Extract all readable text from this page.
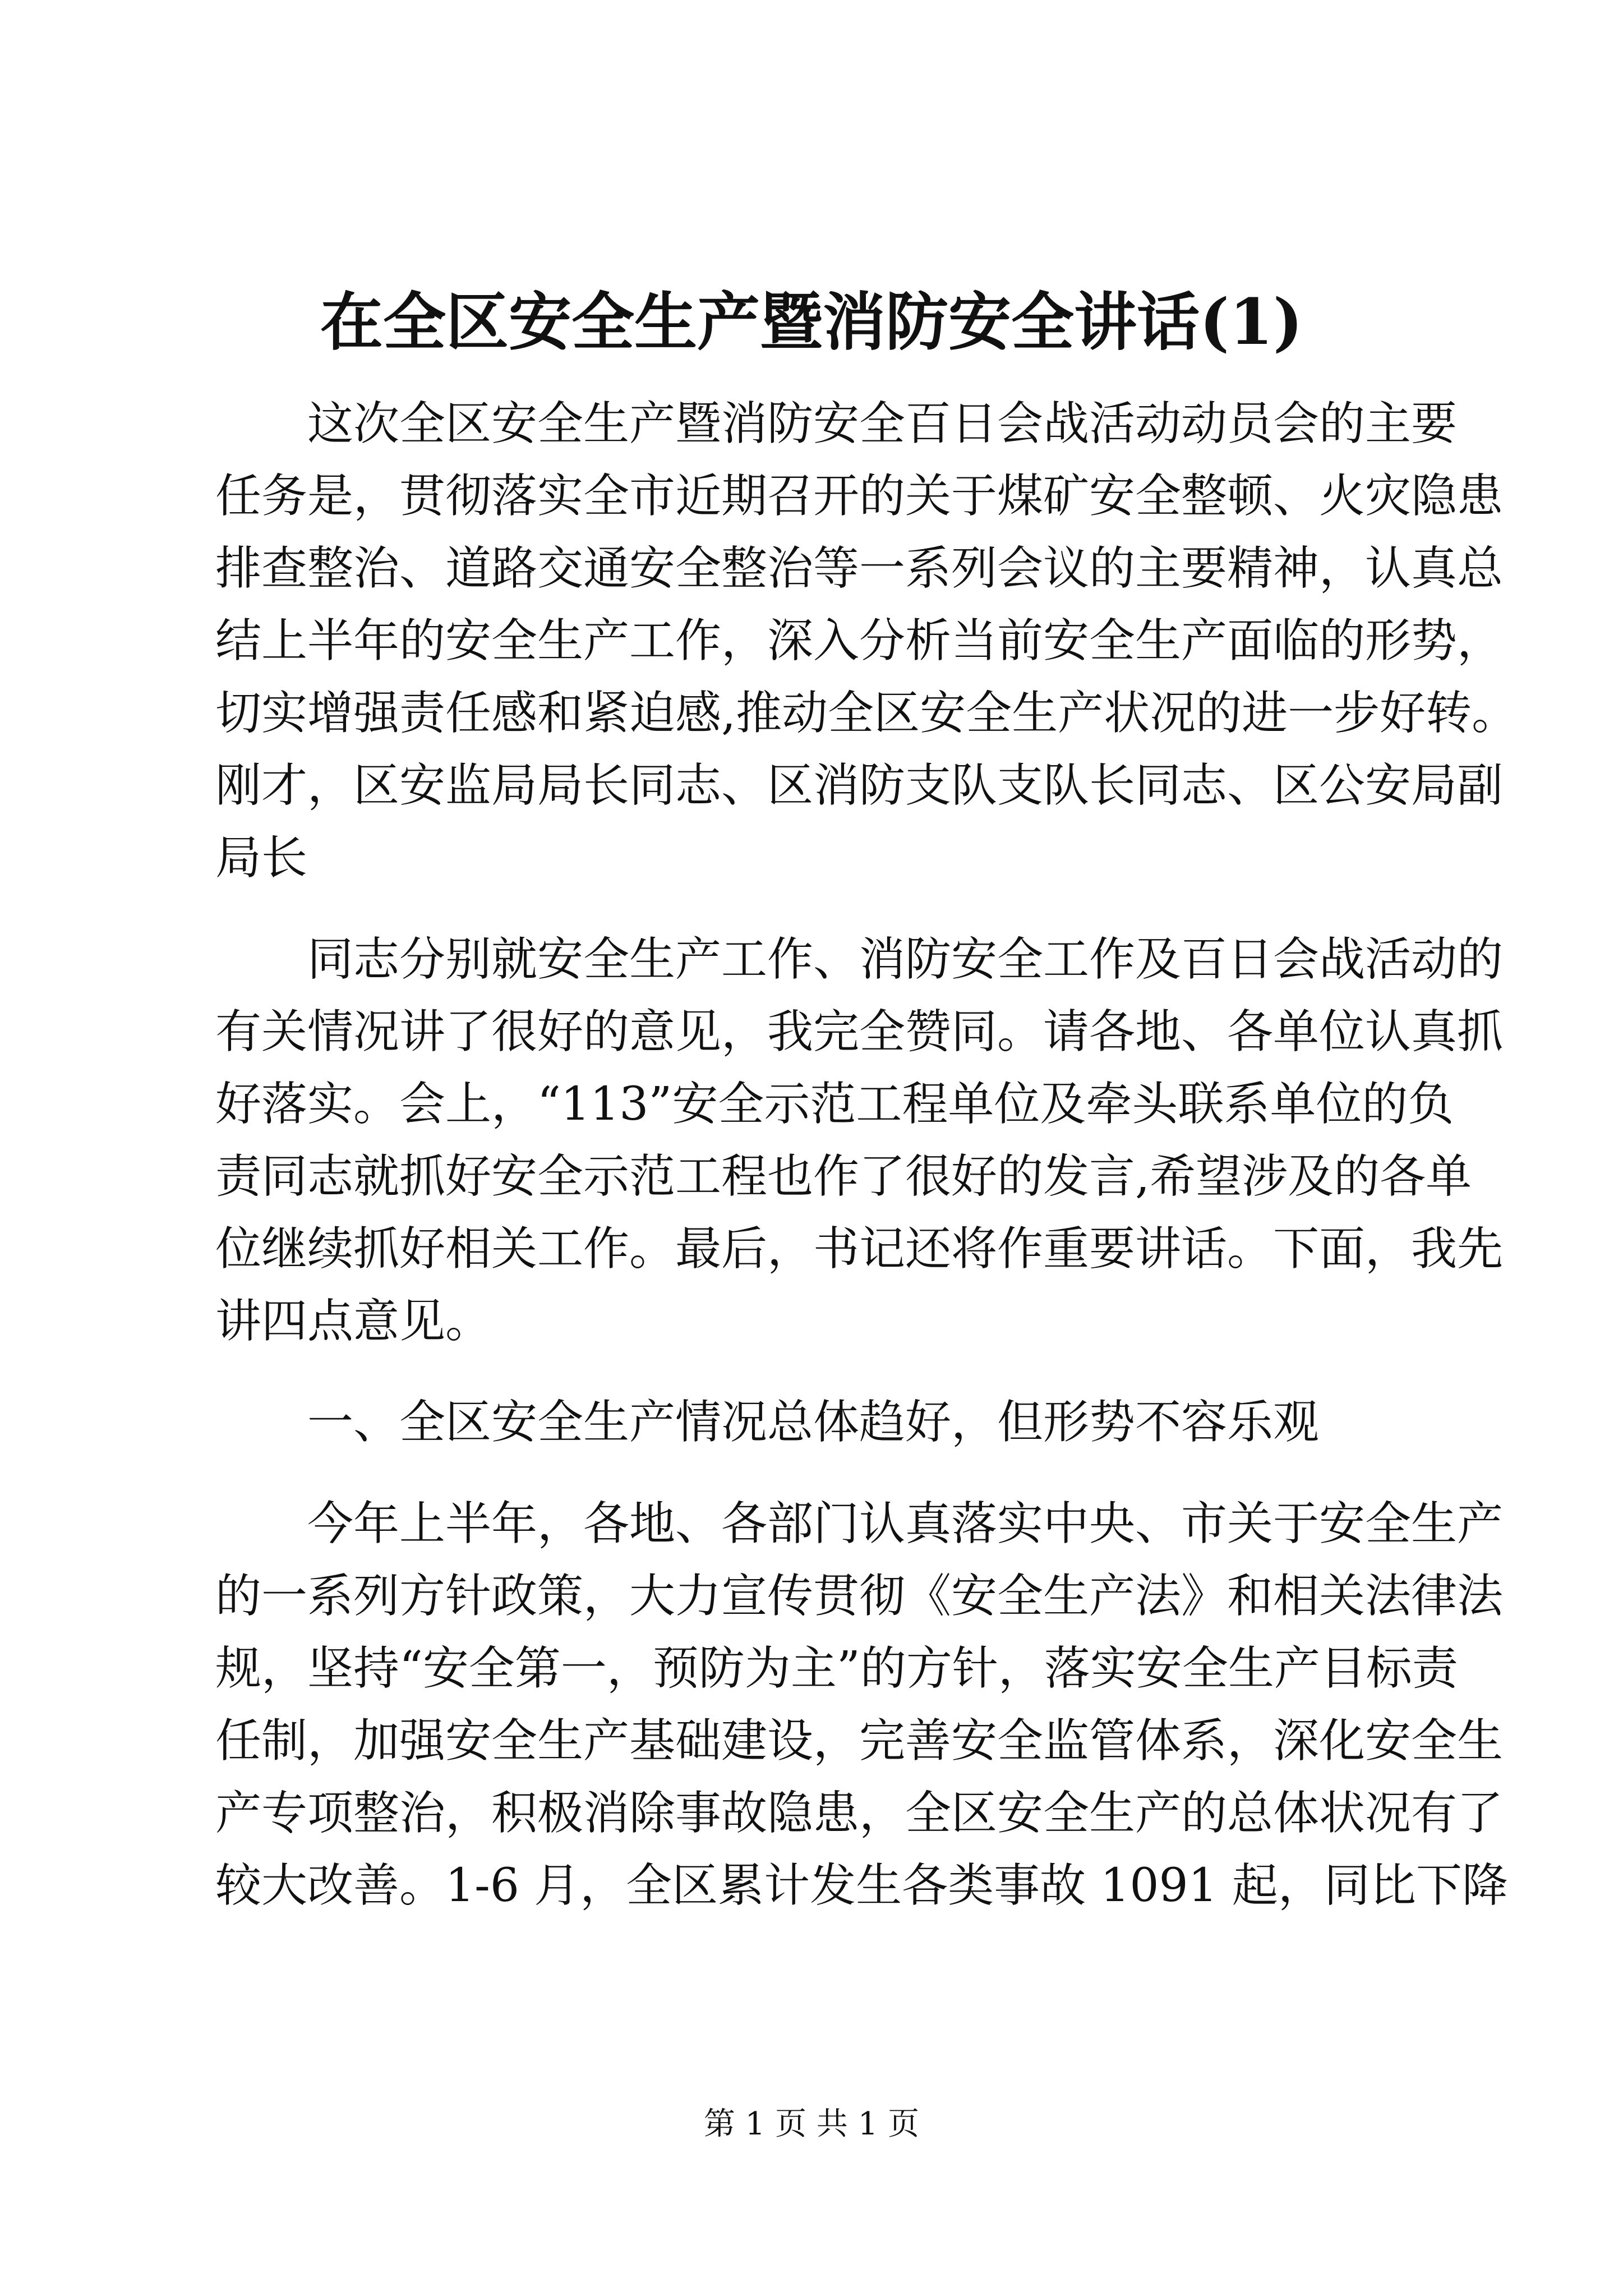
在全区安全生产暨消防安全讲话(1)

　　这次全区安全生产暨消防安全百日会战活动动员会的主要

任务是，贯彻落实全市近期召开的关于煤矿安全整顿、火灾隐患

排查整治、道路交通安全整治等一系列会议的主要精神，认真总

结上半年的安全生产工作，深入分析当前安全生产面临的形势，

切实增强责任感和紧迫感,推动全区安全生产状况的进一步好转。

刚才，区安监局局长同志、区消防支队支队长同志、区公安局副

局长

　　同志分别就安全生产工作、消防安全工作及百日会战活动的

有关情况讲了很好的意见，我完全赞同。请各地、各单位认真抓

好落实。会上，“113”安全示范工程单位及牵头联系单位的负

责同志就抓好安全示范工程也作了很好的发言,希望涉及的各单

位继续抓好相关工作。最后，书记还将作重要讲话。下面，我先

讲四点意见。

　　一、全区安全生产情况总体趋好，但形势不容乐观

　　今年上半年，各地、各部门认真落实中央、市关于安全生产

的一系列方针政策，大力宣传贯彻《安全生产法》和相关法律法

规，坚持“安全第一，预防为主”的方针，落实安全生产目标责

任制，加强安全生产基础建设，完善安全监管体系，深化安全生

产专项整治，积极消除事故隐患，全区安全生产的总体状况有了

较大改善。1-6 月，全区累计发生各类事故 1091 起，同比下降

第 1 页 共 1 页
